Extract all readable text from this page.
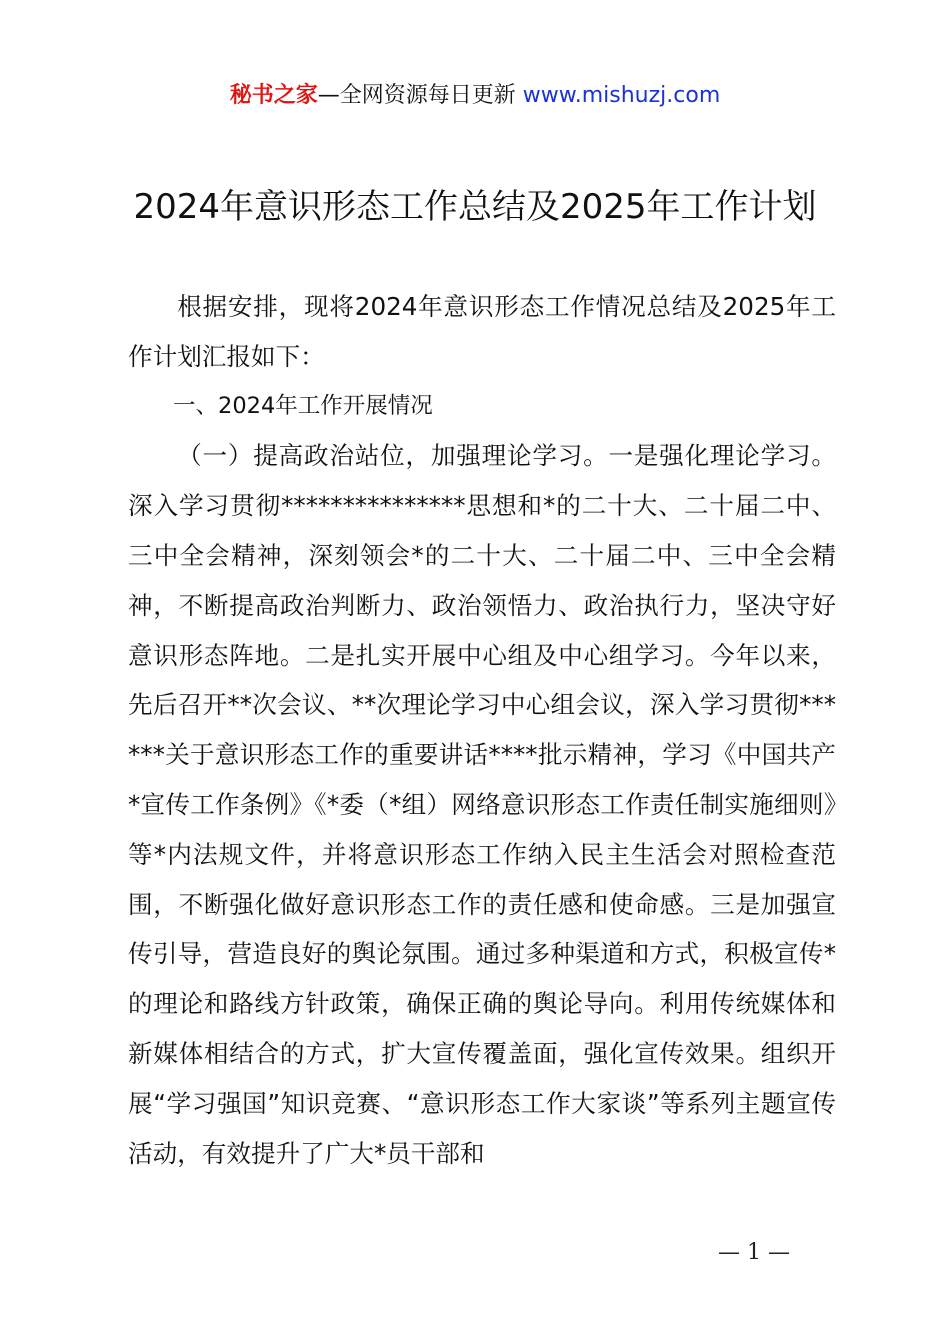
秘书之家—全网资源每日更新 www.mishuzj.com
2024年意识形态工作总结及2025年工作计划

根据安排，现将2024年意识形态工作情况总结及2025年工作计划汇报如下：

一、2024年工作开展情况

（一）提高政治站位，加强理论学习。一是强化理论学习。深入学习贯彻***************思想和*的二十大、二十届二中、三中全会精神，深刻领会*的二十大、二十届二中、三中全会精神，不断提高政治判断力、政治领悟力、政治执行力，坚决守好意识形态阵地。二是扎实开展中心组及中心组学习。今年以来，先后召开**次会议、**次理论学习中心组会议，深入学习贯彻******关于意识形态工作的重要讲话****批示精神，学习《中国共产*宣传工作条例》《*委（*组）网络意识形态工作责任制实施细则》等*内法规文件，并将意识形态工作纳入民主生活会对照检查范围，不断强化做好意识形态工作的责任感和使命感。三是加强宣传引导，营造良好的舆论氛围。通过多种渠道和方式，积极宣传*的理论和路线方针政策，确保正确的舆论导向。利用传统媒体和新媒体相结合的方式，扩大宣传覆盖面，强化宣传效果。组织开展“学习强国”知识竞赛、“意识形态工作大家谈”等系列主题宣传活动，有效提升了广大*员干部和

— 1 —
